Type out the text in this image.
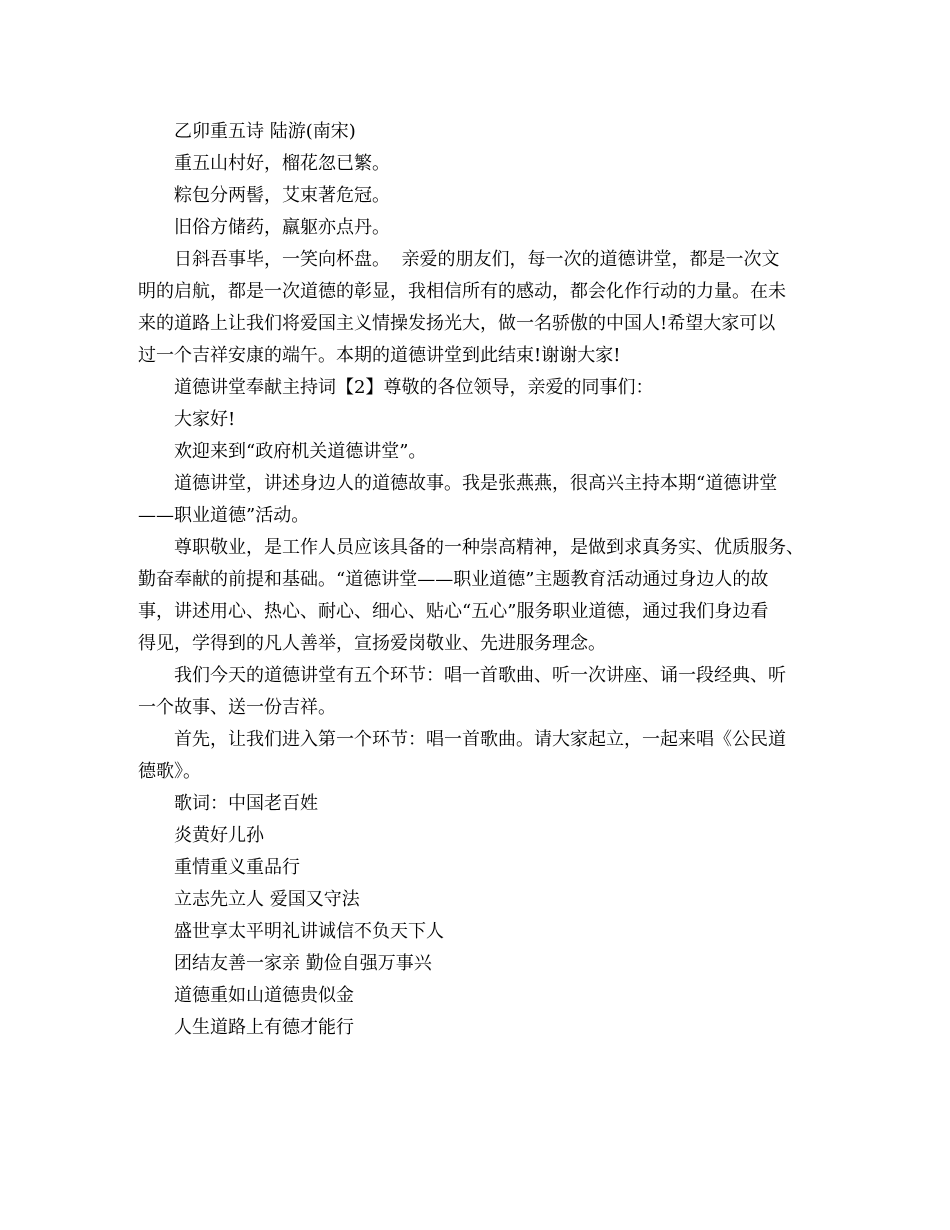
乙卯重五诗 陆游(南宋)

重五山村好，榴花忽已繁。

粽包分两髻，艾束著危冠。

旧俗方储药，羸躯亦点丹。

日斜吾事毕，一笑向杯盘。  亲爱的朋友们，每一次的道德讲堂，都是一次文

明的启航，都是一次道德的彰显，我相信所有的感动，都会化作行动的力量。在未

来的道路上让我们将爱国主义情操发扬光大，做一名骄傲的中国人!希望大家可以

过一个吉祥安康的端午。本期的道德讲堂到此结束!谢谢大家!

道德讲堂奉献主持词【2】尊敬的各位领导，亲爱的同事们：

大家好!

欢迎来到“政府机关道德讲堂”。

道德讲堂，讲述身边人的道德故事。我是张燕燕，很高兴主持本期“道德讲堂

——职业道德”活动。

尊职敬业，是工作人员应该具备的一种崇高精神，是做到求真务实、优质服务、

勤奋奉献的前提和基础。“道德讲堂——职业道德”主题教育活动通过身边人的故

事，讲述用心、热心、耐心、细心、贴心“五心”服务职业道德，通过我们身边看

得见，学得到的凡人善举，宣扬爱岗敬业、先进服务理念。

我们今天的道德讲堂有五个环节：唱一首歌曲、听一次讲座、诵一段经典、听

一个故事、送一份吉祥。

首先，让我们进入第一个环节：唱一首歌曲。请大家起立，一起来唱《公民道

德歌》。

歌词：中国老百姓

炎黄好儿孙

重情重义重品行

立志先立人 爱国又守法

盛世享太平明礼讲诚信不负天下人

团结友善一家亲 勤俭自强万事兴

道德重如山道德贵似金

人生道路上有德才能行
